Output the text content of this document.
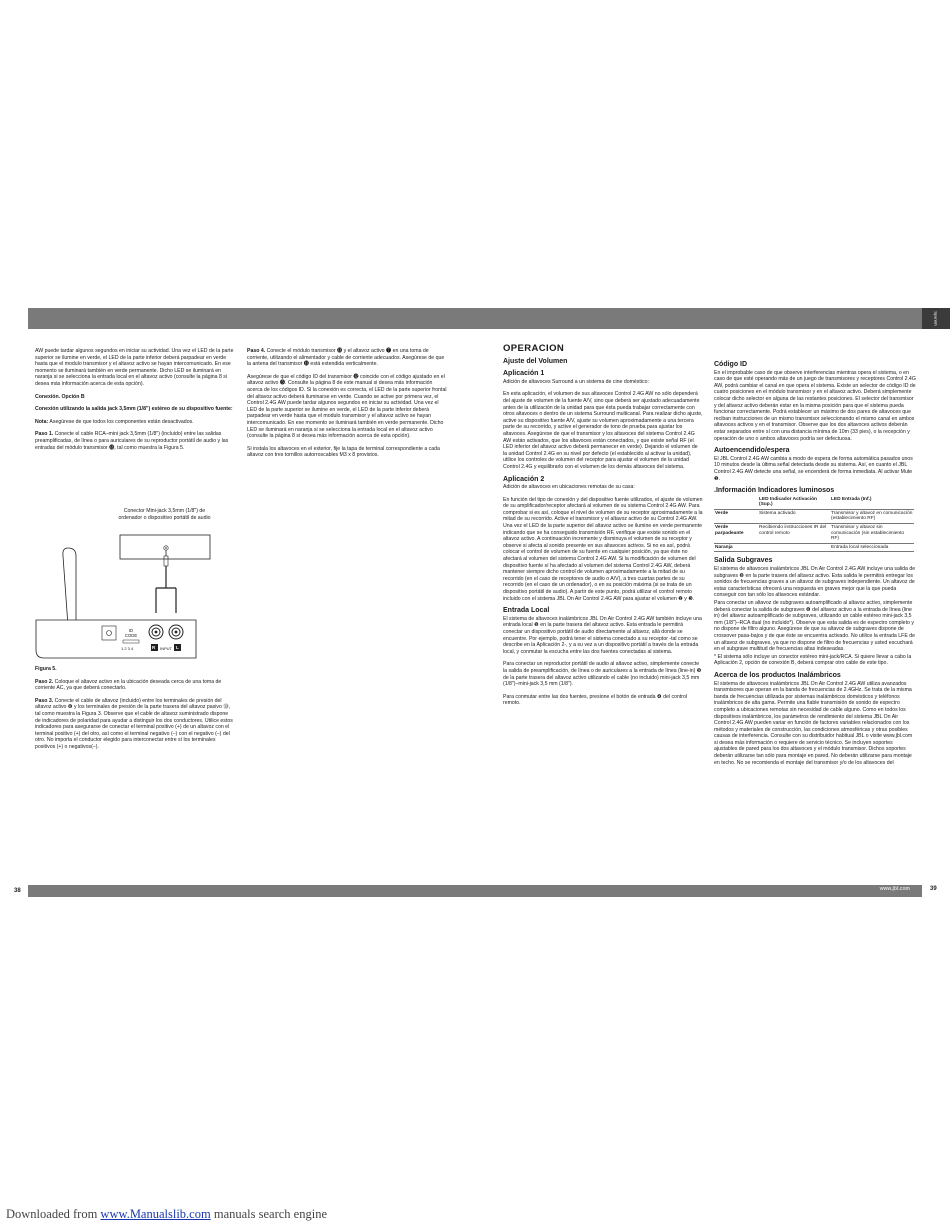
Spanish

AW puede tardar algunos segundos en iniciar su actividad. Una vez el LED de la parte superior se ilumine en verde, el LED de la parte inferior deberá parpadear en verde hasta que el modulo transmisor y el altavoz activo se hayan intercomunicado. En ese momento se iluminará también en verde permanente. Dicho LED se iluminará en naranja si se selecciona la entrada local en el altavoz activo (consulte la página 8 si desea más información acerca de esta opción).

Conexión. Opción B

Conexión utilizando la salida jack 3,5mm (1/8") estéreo de su dispositivo fuente:

Nota: Asegúrese de que todos los componentes están desactivados.

Paso 1. Conecte el cable RCA–mini jack 3,5mm (1/8") (incluido) entre las salidas preamplificadas, de línea o para auriculares de su reproductor portátil de audio y las entradas del módulo transmisor ⓭, tal como muestra la Figura 5.

Conector Mini-jack 3,5mm (1/8") de ordenador o dispositivo portátil de audio
ID CODE
1 2 3 4	R INPUT L

Figura 5.

Paso 2. Coloque el altavoz activo en la ubicación deseada cerca de una toma de corriente AC, ya que deberá conectarlo.

Paso 3. Conecte el cable de altavoz (incluido) entre los terminales de presión del altavoz activo ❻ y los terminales de presión de la parte trasera del altavoz pasivo ⓾, tal como muestra la Figura 3. Observe que el cable de altavoz suministrado dispone de indicadores de polaridad para ayudar a distinguir los dos conductores. Utilice estos indicadores para asegurarse de conectar el terminal positivo (+) de un altavoz con el terminal positivo (+) del otro, así como el terminal negativo (–) con el negativo (–) del otro. No importa el conductor elegido para interconectar entre sí los terminales positivos (+) o negativos(–).

Paso 4. Conecte el módulo transmisor ⓭ y el altavoz activo ❼ en una toma de corriente, utilizando el alimentador y cable de corriente adecuados. Asegúrese de que la antena del transmisor ⓫ está extendida verticalmente.

Asegúrese de que el código ID del transmisor ⓬ coincide con el código ajustado en el altavoz activo ❺. Consulte la página 8 de este manual si desea más información acerca de los códigos ID. Si la conexión es correcta, el LED de la parte superior frontal del altavoz activo deberá iluminarse en verde. Cuando se active por primera vez, el Control 2.4G AW puede tardar algunos segundos en iniciar su actividad. Una vez el LED de la parte superior se ilumine en verde, el LED de la parte inferior deberá parpadear en verde hasta que el modulo transmisor y el altavoz activo se hayan intercomunicado. En ese momento se iluminará también en verde permanente. Dicho LED se iluminará en naranja si se selecciona la entrada local en el altavoz activo (consulte la página 8 si desea más información acerca de esta opción).

Si instala los altavoces en el exterior, fije la tapa de terminal correspondiente a cada altavoz con tres tornillos autorroscables M3 x 8 provistos.

OPERACION
Ajuste del Volumen
Aplicación 1

Adición de altavoces Surround a un sistema de cine doméstico:

En esta aplicación, el volumen de sus altavoces Control 2.4G AW no sólo dependerá del ajuste de volumen de la fuente A/V, sino que deberá ser ajustado adecuadamente antes de la utilización de la unidad para que ésta pueda trabajar correctamente con otros altavoces o dentro de un sistema Surround multicanal. Para realizar dicho ajuste, active su dispositivo fuente A/V, ajuste su volumen aproximadamente a una tercera parte de su recorrido, y active el generador de tono de prueba para ajustar los altavoces. Asegúrese de que el transmisor y los altavoces del sistema Control 2.4G AW están activados, que los altavoces están conectados, y que existe señal RF (el LED inferior del altavoz activo deberá permanecer en verde). Dejando el volumen de la unidad Control 2.4G en su nivel por defecto (el establecido al activar la unidad), utilice los controles de volumen del receptor para ajustar el volumen de la unidad Control 2.4G y equilibrarlo con el volumen de los demás altavoces del sistema.

Aplicación 2

Adición de altavoces en ubicaciones remotas de su casa:

En función del tipo de conexión y del dispositivo fuente utilizados, el ajuste de volumen de su amplificador/receptor afectará al volumen de su sistema Control 2.4G AW. Para comprobar si es así, coloque el nivel de volumen de su receptor aproximadamente a la mitad de su recorrido. Active el transmisor y el altavoz activo de su Control 2.4G AW. Una vez el LED de la parte superior del altavoz activo se ilumine en verde permanente indicando que se ha conseguido transmisión RF, verifique que existe sonido en el altavoz activo. A continuación incremente y disminuya el volumen de su receptor y observe si afecta al sonido presente en sus altavoces activos. Si no es así, podrá colocar el control de volumen de su fuente en cualquier posición, ya que éste no afectará al volumen del sistema Control 2.4G AW. Si la modificación de volumen del dispositivo fuente sí ha afectado al volumen del sistema Control 2.4G AW, deberá mantener siempre dicho control de volumen aproximadamente a la mitad de su recorrido (en el caso de receptores de audio o A/V), a tres cuartas partes de su recorrido (en el caso de un ordenador), o en su posición máxima (si se trata de un dispositivo portátil de audio). A partir de este punto, podrá utilizar el control remoto incluido con el sistema JBL On Air Control 2.4G AW para ajustar el volumen ❷ y ❸.

Entrada Local

El sistema de altavoces inalámbricos JBL On Air Control 2.4G AW también incluye una entrada local ❾ en la parte trasera del altavoz activo. Esta entrada le permitirá conectar un dispositivo portátil de audio directamente al altavoz, allá donde se encuentre. Por ejemplo, podrá tener el sistema conectado a su receptor -tal como se describe en la Aplicación 2-, y a su vez a un dispositivo portátil a través de la entrada local, y conmutar la escucha entre las dos fuentes conectadas al sistema.

Para conectar un reproductor portátil de audio al altavoz activo, simplemente conecte la salida de preamplificación, de línea o de auriculares a la entrada de línea (line-in) ❾ de la parte trasera del altavoz activo utilizando el cable (no incluido) mini-jack 3,5 mm (1/8")–mini-jack 3,5 mm (1/8").

Para conmutar entre las dos fuentes, presione el botón de entrada ❹ del control remoto.

Código ID

En el improbable caso de que observe interferencias mientras opera el sistema, o en caso de que esté operando más de un juego de transmisores y receptores Control 2.4G AW, podrá cambiar el canal en que opera el sistema. Existe un selector de código ID de cuatro posiciones en el módulo transmisor y en el altavoz activo. Deberá simplemente colocar dicho selector en alguna de las restantes posiciones. El selector del transmisor y del altavoz activo deberán estar en la misma posición para que el sistema pueda funcionar correctamente. Podrá establecer un máximo de dos pares de altavoces que reciban instrucciones de un mismo transmisor seleccionando el mismo canal en ambos altavoces activos y en el transmisor. Observe que los dos altavoces activos deberán estar separados entre sí con una distancia mínima de 10m (33 pies), o la recepción y operación de uno o ambos altavoces podría ser defectuosa.

Autoencendido/espera

El JBL Control 2.4G AW cambia a modo de espera de forma automática pasados unos 10 minutos desde la última señal detectada desde su sistema. Así, en cuanto el JBL Control 2.4G AW detecte una señal, se encenderá de forma inmediata. Al activar Mute ❶.

.Información Indicadores luminosos
	LED Indicador Activación (Sup.)	LED Entrada (Inf.)
Verde	Sistema activado	Transmisor y altavoz en comunicación (establecimiento RF)
Verde parpadeante	Recibiendo instrucciones IR del control remoto	Transmisor y altavoz sin comunicación (sin establecimiento RF)
Naranja		Entrada local seleccionada
Salida Subgraves

El sistema de altavoces inalámbricos JBL On Air Control 2.4G AW incluye una salida de subgraves ❽ en la parte trasera del altavoz activo. Esta salida le permitirá entregar los sonidos de frecuencias graves a un altavoz de subgraves independiente. Un altavoz de estas características ofrecerá una respuesta en graves mejor que la que pueda conseguir con tan sólo los altavoces estándar.

Para conectar un altavoz de subgraves autoamplificado al altavoz activo, simplemente deberá conectar la salida de subgraves ❽ del altavoz activo a la entrada de línea (line in) del altavoz autoamplificado de subgraves, utilizando un cable estéreo mini-jack 3,5 mm (1/8")–RCA dual (no incluido*). Observe que esta salida es de espectro completo y no dispone de filtro alguno. Asegúrese de que su altavoz de subgraves dispone de crossover pasa-bajos y de que éste se encuentra activado. No utilice la entrada LFE de un altavoz de subgraves, ya que no dispone de filtro de frecuencias y usted escuchará en el subgrave multitud de frecuencias altas indeseadas.

* El sistema sólo incluye un conector estéreo mini-jack/RCA. Si quiere llevar a cabo la Aplicación 2, opción de conexión B, deberá comprar otro cable de este tipo.

Acerca de los productos Inalámbricos

El sistema de altavoces inalámbricos JBL On Air Control 2.4G AW utiliza avanzados transmisores que operan en la banda de frecuencias de 2.4GHz. Se trata de la misma banda de frecuencias utilizada por sistemas inalámbricos domésticos y teléfonos inalámbricos de alta gama. Permite una fiable transmisión de sonido de espectro completo a ubicaciones remotas sin necesidad de cable alguno. Como en todos los dispositivos inalámbricos, los parámetros de rendimiento del sistema JBL On Air Control 2.4G AW pueden variar en función de factores variables relacionados con los métodos y materiales de construcción, las condiciones atmosféricas y otras posibles causas de interferencia. Consulte con su distribuidor habitual JBL o visite www.jbl.com si desea más información o requiere de servicio técnico. Se incluyen soportes ajustables de pared para los dos altavoces y el módulo transmisor. Dichos soportes deberán utilizarse tan sólo para montaje en pared. No deberán utilizarse para montaje en techo. No se recomienda el montaje del transmisor y/o de los altavoces del

38	39
www.jbl.com
Downloaded from www.Manualslib.com manuals search engine
